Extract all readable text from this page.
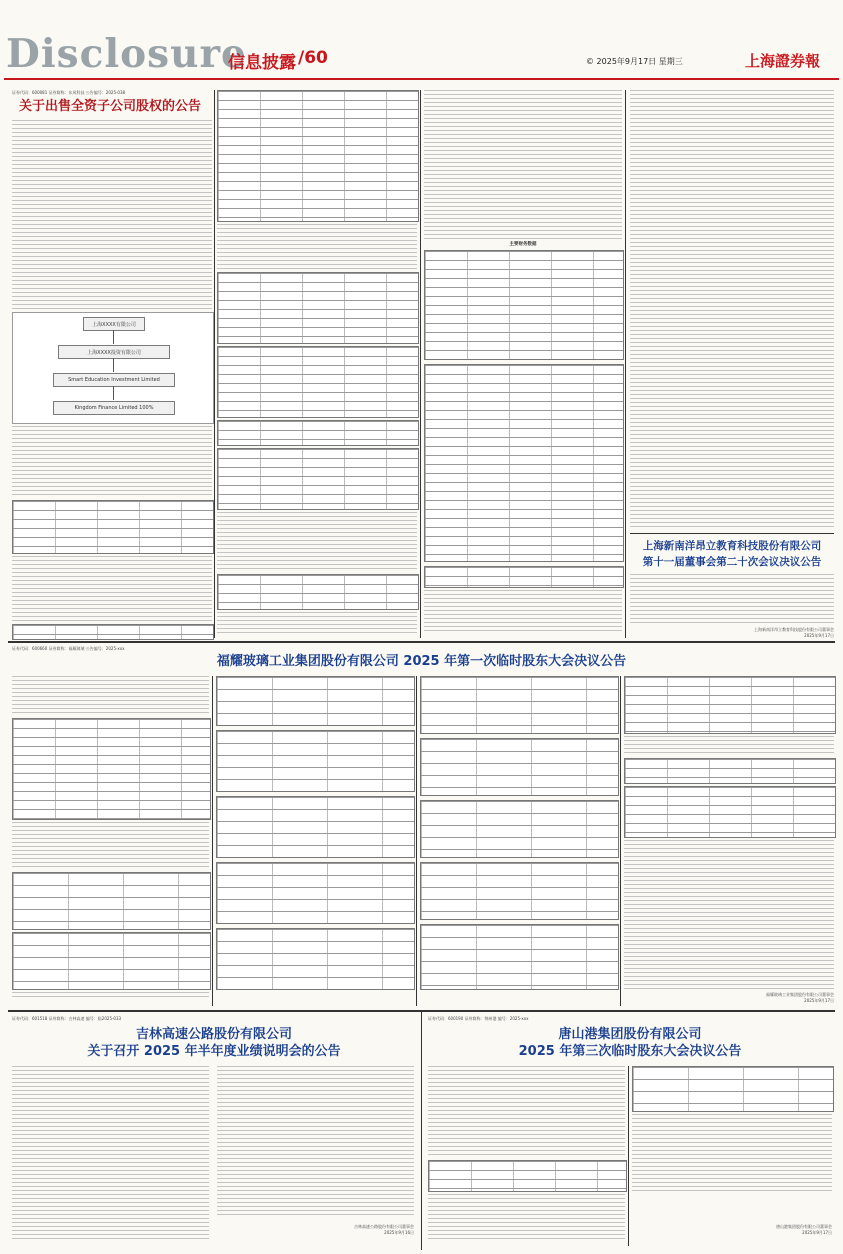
Disclosure
信息披露 /60	© 2025年9月17日 星期三	上海證券報
证券代码：600081 证券简称：东风科技 公告编号：2025-038
关于出售全资子公司股权的公告
上海XXXX有限公司
上海XXXX投资有限公司
Smart Education Investment Limited
Kingdom Finance Limited 100%
主要财务数据
上海新南洋昂立教育科技股份有限公司
第十一届董事会第二十次会议决议公告
上海新南洋昂立教育科技股份有限公司董事会
2025年9月17日
证券代码：600660 证券简称：福耀玻璃 公告编号：2025-xxx
福耀玻璃工业集团股份有限公司 2025 年第一次临时股东大会决议公告
福耀玻璃工业集团股份有限公司董事会
2025年9月17日
证券代码：601518 证券简称：吉林高速 编号：临2025-033
吉林高速公路股份有限公司
关于召开 2025 年半年度业绩说明会的公告
吉林高速公路股份有限公司董事会
2025年9月16日
证券代码：600190 证券简称：锦州港 编号：2025-xxx
唐山港集团股份有限公司
2025 年第三次临时股东大会决议公告
唐山港集团股份有限公司董事会
2025年9月17日
